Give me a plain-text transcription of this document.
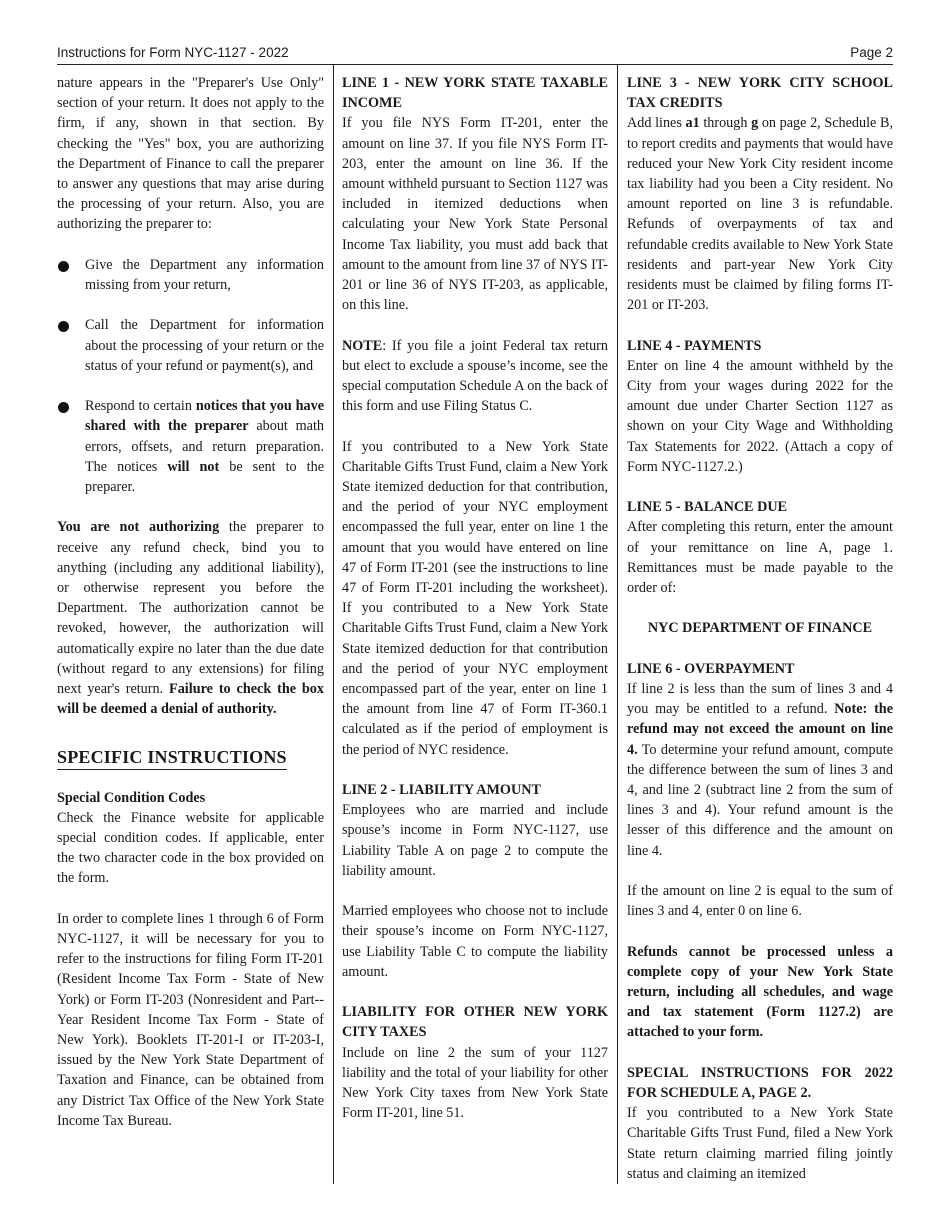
Instructions for Form NYC-1127 - 2022	Page 2

nature appears in the "Preparer's Use Only" section of your return. It does not apply to the firm, if any, shown in that section. By checking the "Yes" box, you are authorizing the Department of Finance to call the preparer to answer any questions that may arise during the processing of your return. Also, you are authorizing the preparer to:

Give the Department any information missing from your return,
Call the Department for information about the processing of your return or the status of your refund or payment(s), and
Respond to certain notices that you have shared with the preparer about math errors, offsets, and return preparation. The notices will not be sent to the preparer.

You are not authorizing the preparer to receive any refund check, bind you to anything (including any additional liability), or otherwise represent you before the Department. The authorization cannot be revoked, however, the authorization will automatically expire no later than the due date (without regard to any extensions) for filing next year's return. Failure to check the box will be deemed a denial of authority.

SPECIFIC INSTRUCTIONS

Special Condition Codes

Check the Finance website for applicable special condition codes. If applicable, enter the two character code in the box provided on the form.

In order to complete lines 1 through 6 of Form NYC-1127, it will be necessary for you to refer to the instructions for filing Form IT-201 (Resident Income Tax Form - State of New York) or Form IT-203 (Nonresident and Part--Year Resident Income Tax Form - State of New York). Booklets IT-201-I or IT-203-I, issued by the New York State Department of Taxation and Finance, can be obtained from any District Tax Office of the New York State Income Tax Bureau.

LINE 1 - NEW YORK STATE TAXABLE INCOME

If you file NYS Form IT-201, enter the amount on line 37. If you file NYS Form IT-203, enter the amount on line 36. If the amount withheld pursuant to Section 1127 was included in itemized deductions when calculating your New York State Personal Income Tax liability, you must add back that amount to the amount from line 37 of NYS IT-201 or line 36 of NYS IT-203, as applicable, on this line.

NOTE: If you file a joint Federal tax return but elect to exclude a spouse’s income, see the special computation Schedule A on the back of this form and use Filing Status C.

If you contributed to a New York State Charitable Gifts Trust Fund, claim a New York State itemized deduction for that contribution, and the period of your NYC employment encompassed the full year, enter on line 1 the amount that you would have entered on line 47 of Form IT-201 (see the instructions to line 47 of Form IT-201 including the worksheet). If you contributed to a New York State Charitable Gifts Trust Fund, claim a New York State itemized deduction for that contribution and the period of your NYC employment encompassed part of the year, enter on line 1 the amount from line 47 of Form IT-360.1 calculated as if the period of employment is the period of NYC residence.

LINE 2 - LIABILITY AMOUNT

Employees who are married and include spouse’s income in Form NYC-1127, use Liability Table A on page 2 to compute the liability amount.

Married employees who choose not to include their spouse’s income on Form NYC-1127, use Liability Table C to compute the liability amount.

LIABILITY FOR OTHER NEW YORK CITY TAXES

Include on line 2 the sum of your 1127 liability and the total of your liability for other New York City taxes from New York State Form IT-201, line 51.

LINE 3 - NEW YORK CITY SCHOOL TAX CREDITS

Add lines a1 through g on page 2, Schedule B, to report credits and payments that would have reduced your New York City resident income tax liability had you been a City resident. No amount reported on line 3 is refundable. Refunds of overpayments of tax and refundable credits available to New York State residents and part-year New York City residents must be claimed by filing forms IT-201 or IT-203.

LINE 4 - PAYMENTS

Enter on line 4 the amount withheld by the City from your wages during 2022 for the amount due under Charter Section 1127 as shown on your City Wage and Withholding Tax Statements for 2022. (Attach a copy of Form NYC-1127.2.)

LINE 5 - BALANCE DUE

After completing this return, enter the amount of your remittance on line A, page 1. Remittances must be made payable to the order of:

NYC DEPARTMENT OF FINANCE

LINE 6 - OVERPAYMENT

If line 2 is less than the sum of lines 3 and 4 you may be entitled to a refund. Note: the refund may not exceed the amount on line 4. To determine your refund amount, compute the difference between the sum of lines 3 and 4, and line 2 (subtract line 2 from the sum of lines 3 and 4). Your refund amount is the lesser of this difference and the amount on line 4.

If the amount on line 2 is equal to the sum of lines 3 and 4, enter 0 on line 6.

Refunds cannot be processed unless a complete copy of your New York State return, including all schedules, and wage and tax statement (Form 1127.2) are attached to your form.

SPECIAL INSTRUCTIONS FOR 2022 FOR SCHEDULE A, PAGE 2.

If you contributed to a New York State Charitable Gifts Trust Fund, filed a New York State return claiming married filing jointly status and claiming an itemized
